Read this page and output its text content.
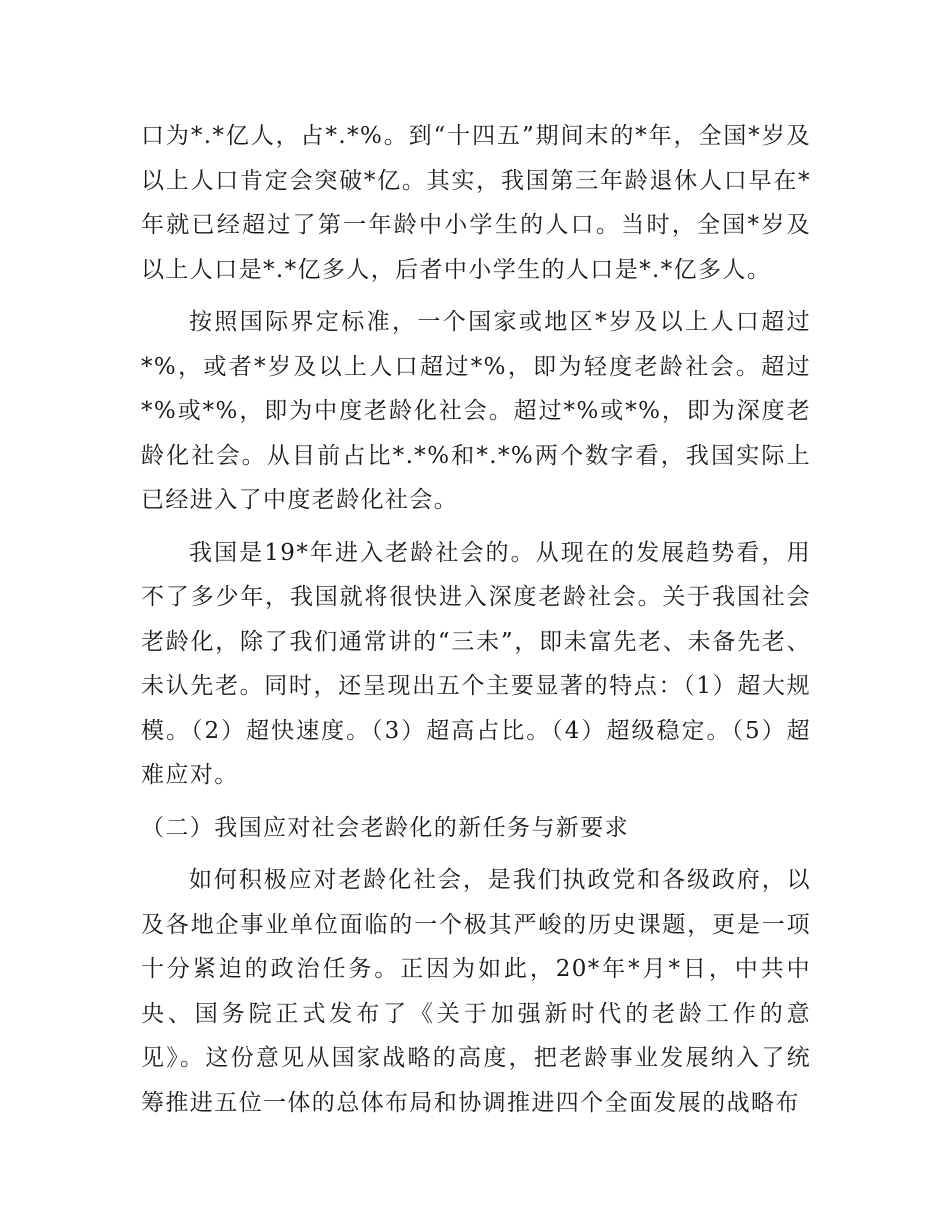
口为*.*亿人，占*.*%。到“十四五”期间末的*年，全国*岁及以上人口肯定会突破*亿。其实，我国第三年龄退休人口早在*年就已经超过了第一年龄中小学生的人口。当时，全国*岁及以上人口是*.*亿多人，后者中小学生的人口是*.*亿多人。

按照国际界定标准，一个国家或地区*岁及以上人口超过*%，或者*岁及以上人口超过*%，即为轻度老龄社会。超过*%或*%，即为中度老龄化社会。超过*%或*%，即为深度老龄化社会。从目前占比*.*%和*.*%两个数字看，我国实际上已经进入了中度老龄化社会。

我国是19*年进入老龄社会的。从现在的发展趋势看，用不了多少年，我国就将很快进入深度老龄社会。关于我国社会老龄化，除了我们通常讲的“三未”，即未富先老、未备先老、未认先老。同时，还呈现出五个主要显著的特点：（1）超大规模。（2）超快速度。（3）超高占比。（4）超级稳定。（5）超难应对。

（二）我国应对社会老龄化的新任务与新要求

如何积极应对老龄化社会，是我们执政党和各级政府，以及各地企事业单位面临的一个极其严峻的历史课题，更是一项十分紧迫的政治任务。正因为如此，20*年*月*日，中共中央、国务院正式发布了《关于加强新时代的老龄工作的意见》。这份意见从国家战略的高度，把老龄事业发展纳入了统筹推进五位一体的总体布局和协调推进四个全面发展的战略布
